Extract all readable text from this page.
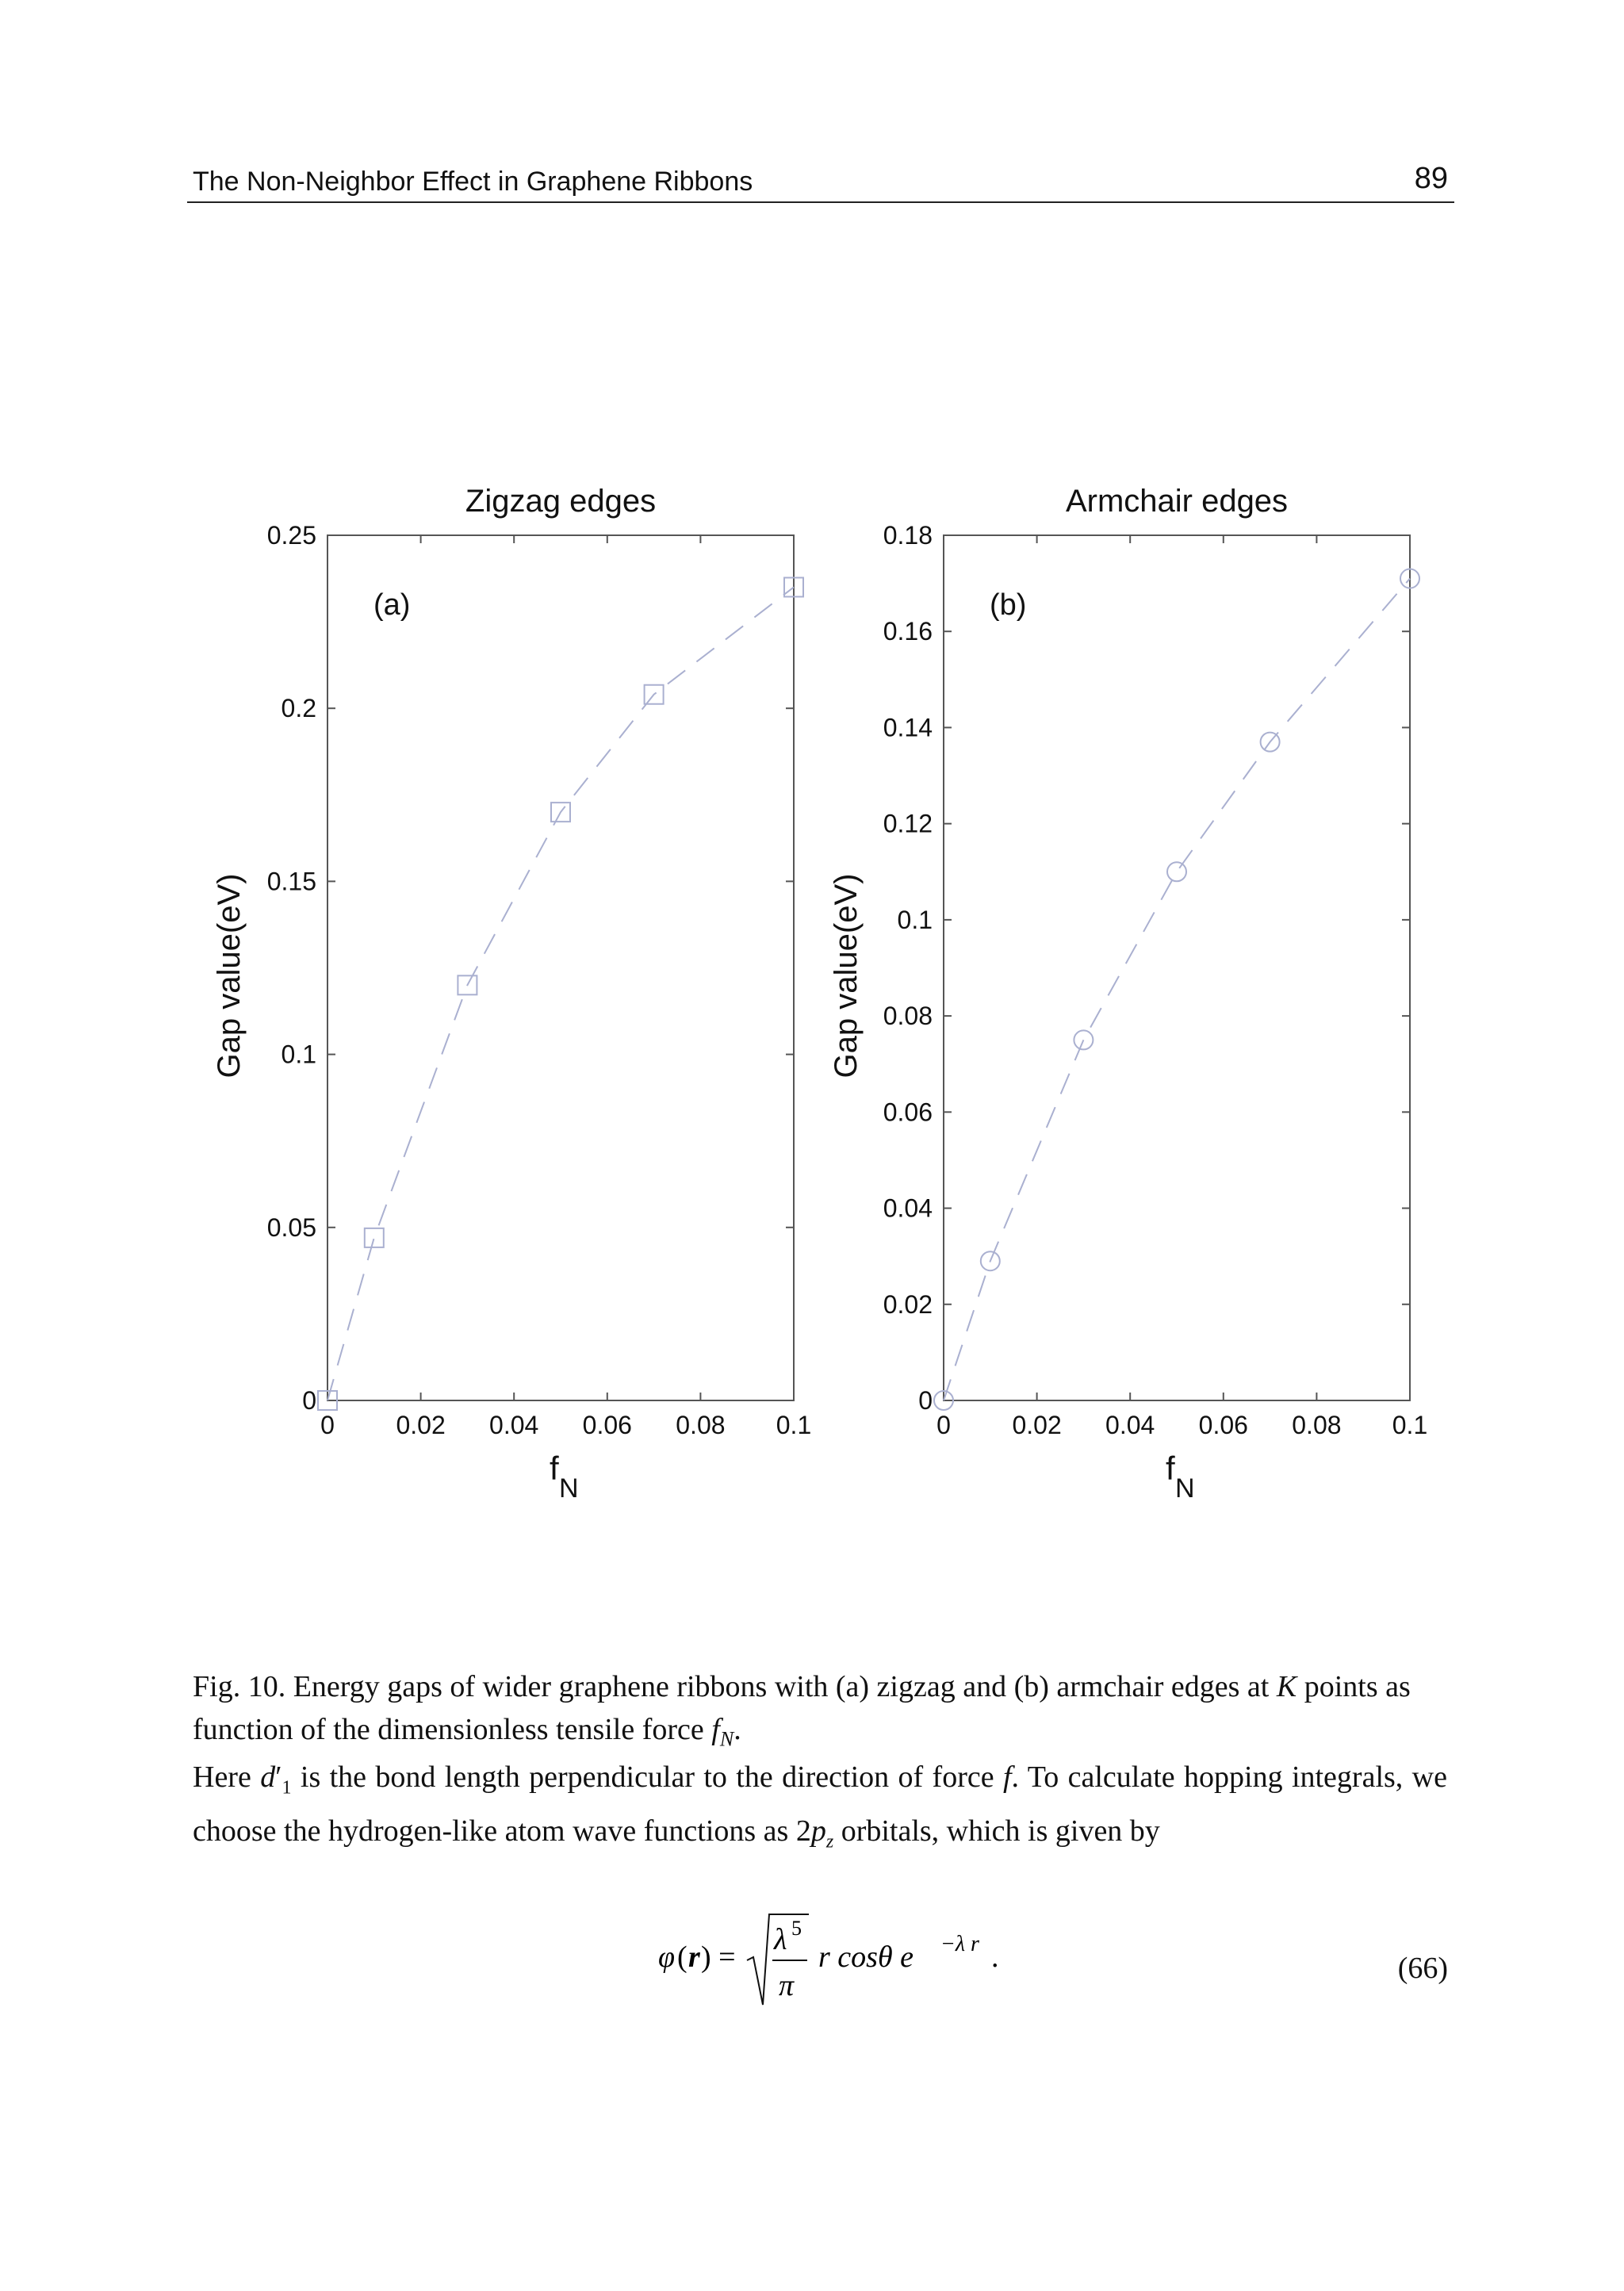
The Non-Neighbor Effect in Graphene Ribbons	89
0 0.02 0.04 0.06 0.08 0.1
0
0.05
0.1
0.15
0.2
0.25
Zigzag edges
(a)
f
N
Gap value(eV)
0 0.02 0.04 0.06 0.08 0.1
0
0.02
0.04
0.06
0.08
0.1
0.12
0.14
0.16
0.18
Armchair edges
(b)
f
N
Gap value(eV)
Fig. 10. Energy gaps of wider graphene ribbons with (a) zigzag and (b) armchair edges at K points as function of the dimensionless tensile force $f_N$.
Here $d'_1$ is the bond length perpendicular to the direction of force f. To calculate hopping integrals, we choose the hydrogen-like atom wave functions as $2p_z$ orbitals, which is given by
φ ( r ) =
λ 5
π
r cosθ e −λ r .	(66)
